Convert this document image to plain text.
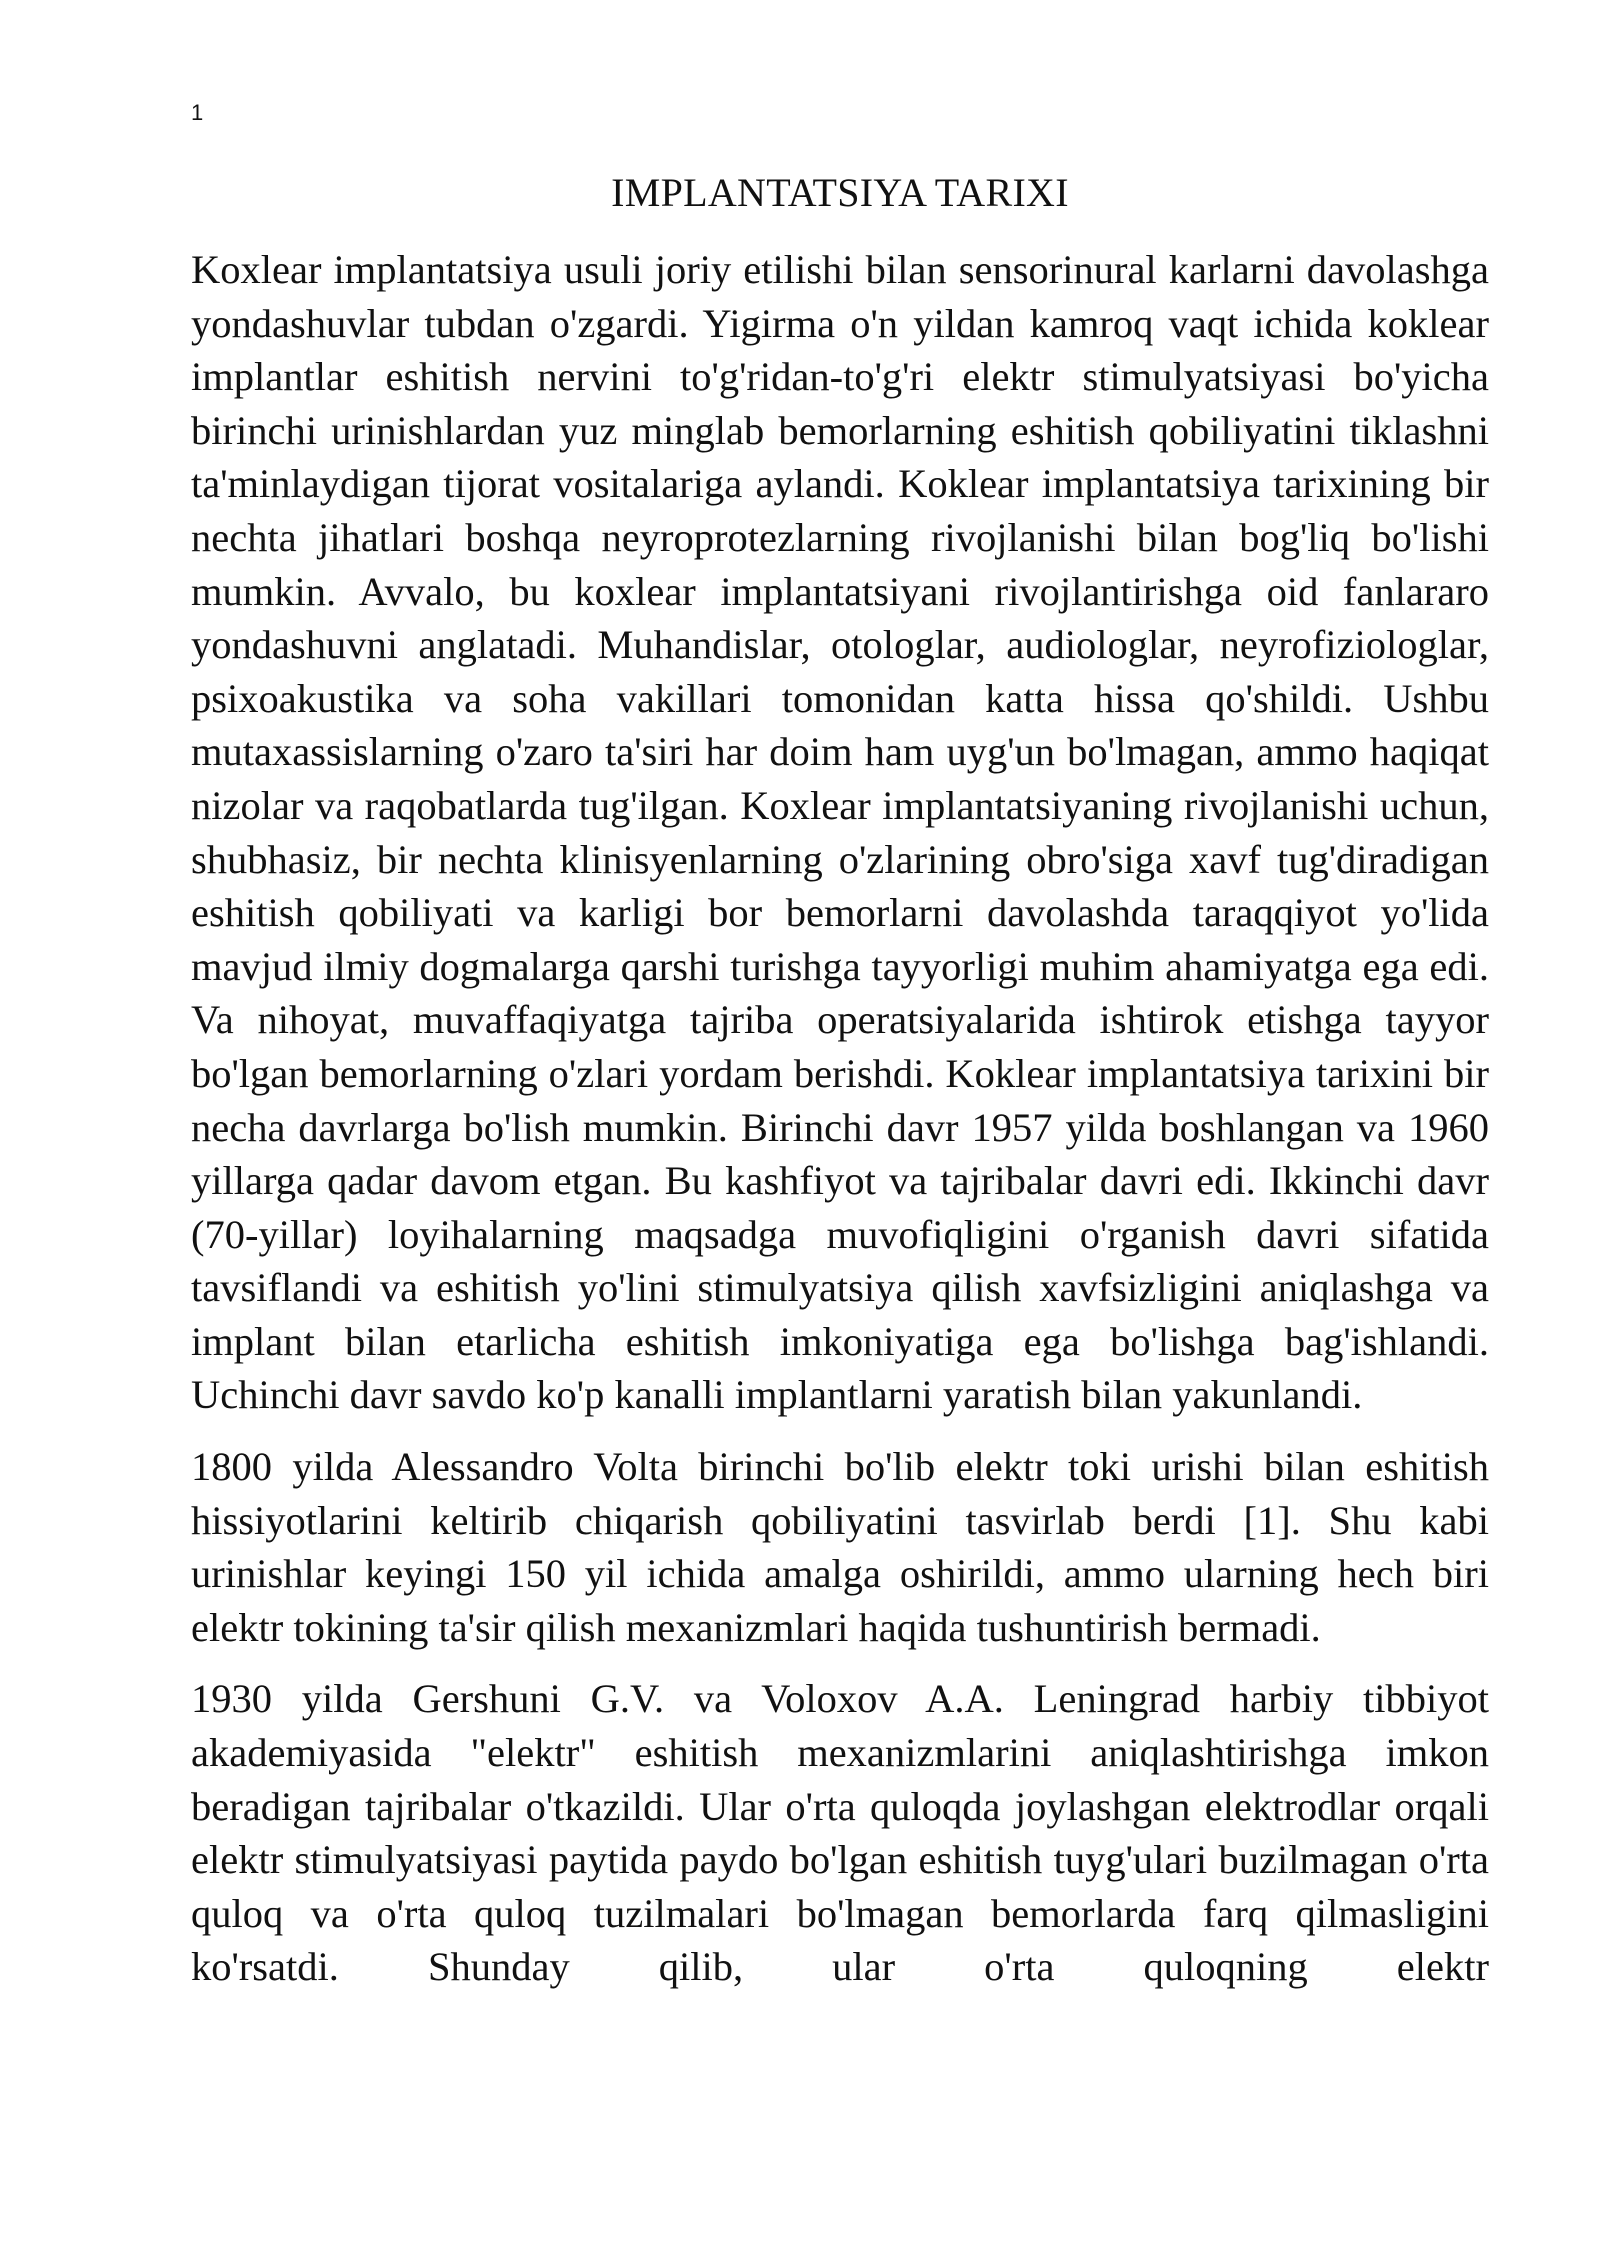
1
IMPLANTATSIYA TARIXI

Koxlear implantatsiya usuli joriy etilishi bilan sensorinural karlarni davolashga yondashuvlar tubdan o'zgardi. Yigirma o'n yildan kamroq vaqt ichida koklear implantlar eshitish nervini to'g'ridan-to'g'ri elektr stimulyatsiyasi bo'yicha birinchi urinishlardan yuz minglab bemorlarning eshitish qobiliyatini tiklashni ta'minlaydigan tijorat vositalariga aylandi. Koklear implantatsiya tarixining bir nechta jihatlari boshqa neyroprotezlarning rivojlanishi bilan bog'liq bo'lishi mumkin. Avvalo, bu koxlear implantatsiyani rivojlantirishga oid fanlararo yondashuvni anglatadi. Muhandislar, otologlar, audiologlar, neyrofiziologlar, psixoakustika va soha vakillari tomonidan katta hissa qo'shildi. Ushbu mutaxassislarning o'zaro ta'siri har doim ham uyg'un bo'lmagan, ammo haqiqat nizolar va raqobatlarda tug'ilgan. Koxlear implantatsiyaning rivojlanishi uchun, shubhasiz, bir nechta klinisyenlarning o'zlarining obro'siga xavf tug'diradigan eshitish qobiliyati va karligi bor bemorlarni davolashda taraqqiyot yo'lida mavjud ilmiy dogmalarga qarshi turishga tayyorligi muhim ahamiyatga ega edi. Va nihoyat, muvaffaqiyatga tajriba operatsiyalarida ishtirok etishga tayyor bo'lgan bemorlarning o'zlari yordam berishdi. Koklear implantatsiya tarixini bir necha davrlarga bo'lish mumkin. Birinchi davr 1957 yilda boshlangan va 1960 yillarga qadar davom etgan. Bu kashfiyot va tajribalar davri edi. Ikkinchi davr (70-yillar) loyihalarning maqsadga muvofiqligini o'rganish davri sifatida tavsiflandi va eshitish yo'lini stimulyatsiya qilish xavfsizligini aniqlashga va implant bilan etarlicha eshitish imkoniyatiga ega bo'lishga bag'ishlandi. Uchinchi davr savdo ko'p kanalli implantlarni yaratish bilan yakunlandi.

1800 yilda Alessandro Volta birinchi bo'lib elektr toki urishi bilan eshitish hissiyotlarini keltirib chiqarish qobiliyatini tasvirlab berdi [1]. Shu kabi urinishlar keyingi 150 yil ichida amalga oshirildi, ammo ularning hech biri elektr tokining ta'sir qilish mexanizmlari haqida tushuntirish bermadi.

1930 yilda Gershuni G.V. va Voloxov A.A. Leningrad harbiy tibbiyot akademiyasida "elektr" eshitish mexanizmlarini aniqlashtirishga imkon beradigan tajribalar o'tkazildi. Ular o'rta quloqda joylashgan elektrodlar orqali elektr stimulyatsiyasi paytida paydo bo'lgan eshitish tuyg'ulari buzilmagan o'rta quloq va o'rta quloq tuzilmalari bo'lmagan bemorlarda farq qilmasligini ko'rsatdi. Shunday qilib, ular o'rta quloqning elektr
